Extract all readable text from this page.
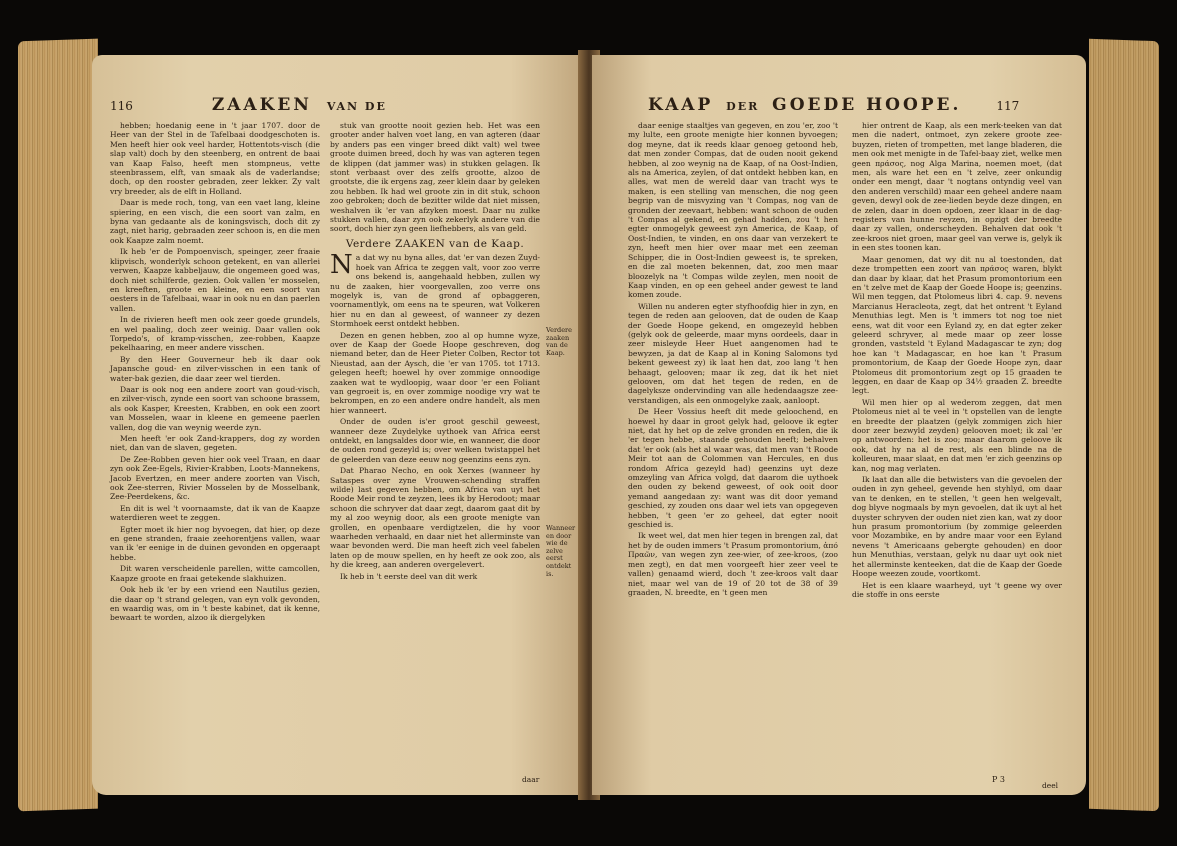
116	ZAAKEN VAN DE

hebben; hoedanig eene in 't jaar 1707. door de Heer van der Stel in de Tafelbaai doodgeschoten is. Men heeft hier ook veel harder, Hottentots-visch (die slap valt) doch by den steenberg, en ontrent de baai van Kaap Falso, heeft men stompneus, vette steenbrassem, elft, van smaak als de vaderlandse; doch, op den rooster gebraden, zeer lekker. Zy valt vry breeder, als de elft in Holland.

Daar is mede roch, tong, van een vaet lang, kleine spiering, en een visch, die een soort van zalm, en byna van gedaante als de koningsvisch, doch dit zy zagt, niet harig, gebraaden zeer schoon is, en die men ook Kaapze zalm noemt.

Ik heb 'er de Pompoenvisch, speinger, zeer fraaie klipvisch, wonderlyk schoon getekent, en van allerlei verwen, Kaapze kabbeljauw, die ongemeen goed was, doch niet schilferde, gezien. Ook vallen 'er mosselen, en kreeften, groote en kleine, en een soort van oesters in de Tafelbaai, waar in ook nu en dan paerlen vallen.

In de rivieren heeft men ook zeer goede grundels, en wel paaling, doch zeer weinig. Daar vallen ook Torpedo's, of kramp-visschen, zee-robben, Kaapze pekelhaaring, en meer andere visschen.

By den Heer Gouverneur heb ik daar ook Japansche goud- en zilver-visschen in een tank of water-bak gezien, die daar zeer wel tierden.

Daar is ook nog een andere zoort van goud-visch, en zilver-visch, zynde een soort van schoone brassem, als ook Kasper, Kreesten, Krabben, en ook een zoort van Mosselen, waar in kleene en gemeene paerlen vallen, dog die van weynig weerde zyn.

Men heeft 'er ook Zand-krappers, dog zy worden niet, dan van de slaven, gegeten.

De Zee-Robben geven hier ook veel Traan, en daar zyn ook Zee-Egels, Rivier-Krabben, Loots-Mannekens, Jacob Evertzen, en meer andere zoorten van Visch, ook Zee-sterren, Rivier Mosselen by de Mosselbank, Zee-Peerdekens, &c.

En dit is wel 't voornaamste, dat ik van de Kaapze waterdieren weet te zeggen.

Egter moet ik hier nog byvoegen, dat hier, op deze en gene stranden, fraaie zeehorentjens vallen, waar van ik 'er eenige in de duinen gevonden en opgeraapt hebbe.

Dit waren verscheidenle parellen, witte camcollen, Kaapze groote en fraai getekende slakhuizen.

Ook heb ik 'er by een vriend een Nautilus gezien, die daar op 't strand gelegen, van eyn volk gevonden, en waardig was, om in 't beste kabinet, dat ik kenne, bewaart te worden, alzoo ik diergelyken

stuk van grootte nooit gezien heb. Het was een grooter ander halven voet lang, en van agteren (daar by anders pas een vinger breed dikt valt) wel twee groote duimen breed, doch hy was van agteren tegen de klippen (dat jammer was) in stukken gelagen. Ik stont verbaast over des zelfs grootte, alzoo de grootste, die ik ergens zag, zeer klein daar by geleken zou hebben. Ik had wel groote zin in dit stuk, schoon zoo gebroken; doch de bezitter wilde dat niet missen, weshalven ik 'er van afzyken moest. Daar nu zulke stukken vallen, daar zyn ook zekerlyk andere van die soort, doch hier zyn geen liefhebbers, als van geld.

Verdere ZAAKEN van de Kaap.

Na dat wy nu byna alles, dat 'er van dezen Zuyd-hoek van Africa te zeggen valt, voor zoo verre ons bekend is, aangehaald hebben, zullen wy nu de zaaken, hier voorgevallen, zoo verre ons mogelyk is, van de grond af opbaggeren, voornamentlyk, om eens na te speuren, wat Volkeren hier nu en dan al geweest, of wanneer zy dezen Stormhoek eerst ontdekt hebben.

Dezen en genen hebben, zoo al op humne wyze, over de Kaap der Goede Hoope geschreven, dog niemand beter, dan de Heer Pieter Colben, Rector tot Nieustad, aan der Aysch, die 'er van 1705. tot 1713. gelegen heeft; hoewel hy over zommige onnoodige zaaken wat te wydloopig, waar door 'er een Foliant van gegroeit is, en over zommige noodige vry wat te bekrompen, en zo een andere ondre handelt, als men hier wanneert.

Onder de ouden is'er groot geschil geweest, wanneer deze Zuydelyke uythoek van Africa eerst ontdekt, en langsaldes door wie, en wanneer, die door de ouden rond gezeyld is; over welken twistappel het de geleerden van deze eeuw nog geenzins eens zyn.

Dat Pharao Necho, en ook Xerxes (wanneer hy Sataspes over zyne Vrouwen-schending straffen wilde) last gegeven hebben, om Africa van uyt het Roode Meir rond te zeyzen, lees ik by Herodoot; maar schoon die schryver dat daar zegt, daarom gaat dit by my al zoo weynig door, als een groote menigte van grollen, en openbaare verdigtzelen, die hy voor waarheden verhaald, en daar niet het allerminste van waar bevonden werd. Die man heeft zich veel fabelen laten op de mouw spellen, en hy heeft ze ook zoo, als hy die kreeg, aan anderen overgelevert.

Ik heb in 't eerste deel van dit werk

Verdere zaaken van de Kaap.
Wanneer en door wie de zelve eerst ontdekt is.
daar
KAAP DER GOEDE HOOPE.	117

daar eenige staaltjes van gegeven, en zou 'er, zoo 't my lulte, een groote menigte hier konnen byvoegen; dog meyne, dat ik reeds klaar genoeg getoond heb, dat men zonder Compas, dat de ouden nooit gekend hebben, al zoo weynig na de Kaap, of na Oost-Indien, als na America, zeylen, of dat ontdekt hebben kan, en alles, wat men de wereld daar van tracht wys te maken, is een stelling van menschen, die nog geen begrip van de misvyzing van 't Compas, nog van de gronden der zeevaart, hebben: want schoon de ouden 't Compas al gekend, en gehad hadden, zou 't hen egter onmogelyk geweest zyn America, de Kaap, of Oost-Indien, te vinden, en ons daar van verzekert te zyn, heeft men hier over maar met een zeeman Schipper, die in Oost-Indien geweest is, te spreken, en die zal moeten bekennen, dat, zoo men maar bloozelyk na 't Compas wilde zeylen, men nooit de Kaap vinden, en op een geheel ander gewest te land komen zoude.

Willen nu anderen egter styfhoofdig hier in zyn, en tegen de reden aan gelooven, dat de ouden de Kaap der Goede Hoope gekend, en omgezeyld hebben (gelyk ook de geleerde, maar myns oordeels, daar in zeer misleyde Heer Huet aangenomen had te bewyzen, ja dat de Kaap al in Koning Salomons tyd bekent geweest zy) ik laat hen dat, zoo lang 't hen behaagt, gelooven; maar ik zeg, dat ik het niet gelooven, om dat het tegen de reden, en de dagelyksze ondervinding van alle hedendaagsze zee-verstandigen, als een onmogelyke zaak, aanloopt.

De Heer Vossius heeft dit mede geloochend, en hoewel hy daar in groot gelyk had, geloove ik egter niet, dat hy het op de zelve gronden en reden, die ik 'er tegen hebbe, staande gehouden heeft; behalven dat 'er ook (als het al waar was, dat men van 't Roode Meir tot aan de Colommen van Hercules, en dus rondom Africa gezeyld had) geenzins uyt deze omzeyling van Africa volgd, dat daarom die uythoek den ouden zy bekend geweest, of ook ooit door yemand aangedaan zy: want was dit door yemand geschied, zy zouden ons daar wel iets van opgegeven hebben, 't geen 'er zo geheel, dat egter nooit geschied is.

Ik weet wel, dat men hier tegen in brengen zal, dat het by de ouden immers 't Prasum promontorium, ἀπό Πραῶν, van wegen zyn zee-wier, of zee-kroos, (zoo men zegt), en dat men voorgeeft hier zeer veel te vallen) genaamd wierd, doch 't zee-kroos valt daar niet, maar wel van de 19 of 20 tot de 38 of 39 graaden, N. breedte, en 't geen men

hier ontrent de Kaap, als een merk-teeken van dat men die nadert, ontmoet, zyn zekere groote zee-buyzen, rieten of trompetten, met lange bladeren, die men ook met menigte in de Tafel-baay ziet, welke men geen πράσος, nog Alga Marina, noemen moet, (dat men, als ware het een en 't zelve, zeer onkundig onder een mengt, daar 't nogtans ontyndig veel van den anderen verschild) maar een geheel andere naam geven, dewyl ook de zee-lieden beyde deze dingen, en de zelen, daar in doen opdoen, zeer klaar in de dag-registers van hunne reyzen, in opzigt der breedte daar zy vallen, onderscheyden. Behalven dat ook 't zee-kroos niet groen, maar geel van verwe is, gelyk ik in een stes toonen kan.

Maar genomen, dat wy dit nu al toestonden, dat deze trompetten een zoort van πράσος waren, blykt dan daar by klaar, dat het Prasum promontorium een en 't zelve met de Kaap der Goede Hoope is; geenzins. Wil men teggen, dat Ptolomeus libri 4. cap. 9. nevens Marcianus Heracleota, zegt, dat het ontrent 't Eyland Menuthias legt. Men is 't immers tot nog toe niet eens, wat dit voor een Eyland zy, en dat egter zeker geleerd schryver, al mede maar op zeer losse gronden, vaststeld 't Eyland Madagascar te zyn; dog hoe kan 't Madagascar, en hoe kan 't Prasum promontorium, de Kaap der Goede Hoope zyn, daar Ptolomeus dit promontorium zegt op 15 graaden te leggen, en daar de Kaap op 34½ graaden Z. breedte legt.

Wil men hier op al wederom zeggen, dat men Ptolomeus niet al te veel in 't opstellen van de lengte en breedte der plaatzen (gelyk zommigen zich hier door zeer bezwyld zeyden) gelooven moet; ik zal 'er op antwoorden: het is zoo; maar daarom geloove ik ook, dat hy na al de rest, als een blinde na de kolleuren, maar slaat, en dat men 'er zich geenzins op kan, nog mag verlaten.

Ik laat dan alle die betwisters van die gevoelen der ouden in zyn geheel, gevende hen styhlyd, om daar van te denken, en te stellen, 't geen hen welgevalt, dog blyve nogmaals by myn gevoelen, dat ik uyt al het duyster schryven der ouden niet zien kan, wat zy door hun prasum promontorium (by zommige geleerden voor Mozambike, en by andre maar voor een Eyland nevens 't Americaans gebergte gehouden) en door hun Menuthias, verstaan, gelyk nu daar uyt ook niet het allerminste kenteeken, dat die de Kaap der Goede Hoope weezen zoude, voortkomt.

Het is een klaare waarheyd, uyt 't geene wy over die stoffe in ons eerste

P 3
deel
